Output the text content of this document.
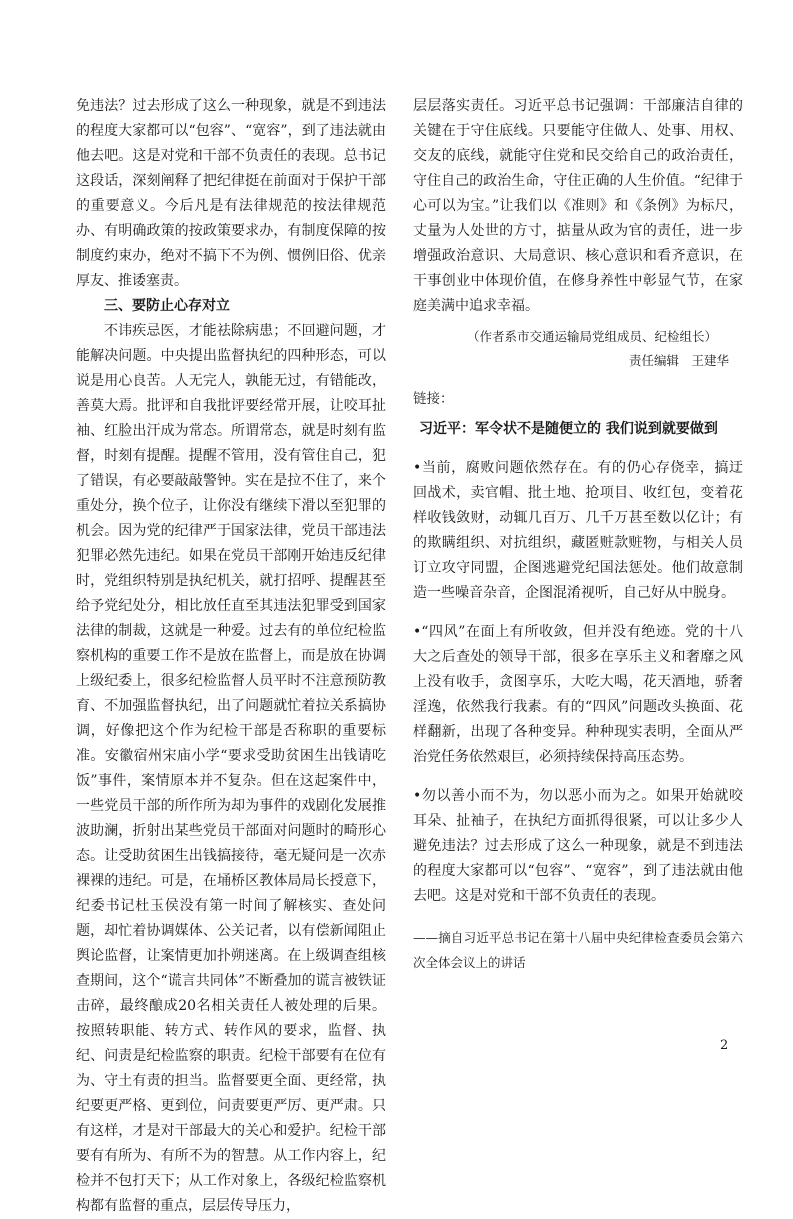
免违法？过去形成了这么一种现象，就是不到违法的程度大家都可以“包容”、“宽容”，到了违法就由他去吧。这是对党和干部不负责任的表现。总书记这段话，深刻阐释了把纪律挺在前面对于保护干部的重要意义。今后凡是有法律规范的按法律规范办、有明确政策的按政策要求办，有制度保障的按制度约束办，绝对不搞下不为例、惯例旧俗、优亲厚友、推诿塞责。

三、要防止心存对立

不讳疾忌医，才能祛除病患；不回避问题，才能解决问题。中央提出监督执纪的四种形态，可以说是用心良苦。人无完人，孰能无过，有错能改，善莫大焉。批评和自我批评要经常开展，让咬耳扯袖、红脸出汗成为常态。所谓常态，就是时刻有监督，时刻有提醒。提醒不管用，没有管住自己，犯了错误，有必要敲敲警钟。实在是拉不住了，来个重处分，换个位子，让你没有继续下滑以至犯罪的机会。因为党的纪律严于国家法律，党员干部违法犯罪必然先违纪。如果在党员干部刚开始违反纪律时，党组织特别是执纪机关，就打招呼、提醒甚至给予党纪处分，相比放任直至其违法犯罪受到国家法律的制裁，这就是一种爱。过去有的单位纪检监察机构的重要工作不是放在监督上，而是放在协调上级纪委上，很多纪检监督人员平时不注意预防教育、不加强监督执纪，出了问题就忙着拉关系搞协调，好像把这个作为纪检干部是否称职的重要标准。安徽宿州宋庙小学“要求受助贫困生出钱请吃饭”事件，案情原本并不复杂。但在这起案件中，一些党员干部的所作所为却为事件的戏剧化发展推波助澜，折射出某些党员干部面对问题时的畸形心态。让受助贫困生出钱搞接待，毫无疑问是一次赤裸裸的违纪。可是，在埇桥区教体局局长授意下，纪委书记杜玉侯没有第一时间了解核实、查处问题，却忙着协调媒体、公关记者，以有偿新闻阻止舆论监督，让案情更加扑朔迷离。在上级调查组核查期间，这个“谎言共同体”不断叠加的谎言被铁证击碎，最终酿成20名相关责任人被处理的后果。按照转职能、转方式、转作风的要求，监督、执纪、问责是纪检监察的职责。纪检干部要有在位有为、守土有责的担当。监督要更全面、更经常，执纪要更严格、更到位，问责要更严厉、更严肃。只有这样，才是对干部最大的关心和爱护。纪检干部要有有所为、有所不为的智慧。从工作内容上，纪检并不包打天下；从工作对象上，各级纪检监察机构都有监督的重点，层层传导压力，

层层落实责任。习近平总书记强调：干部廉洁自律的关键在于守住底线。只要能守住做人、处事、用权、交友的底线，就能守住党和民交给自己的政治责任，守住自己的政治生命，守住正确的人生价值。“纪律于心可以为宝。”让我们以《准则》和《条例》为标尺，丈量为人处世的方寸，掂量从政为官的责任，进一步增强政治意识、大局意识、核心意识和看齐意识，在干事创业中体现价值，在修身养性中彰显气节，在家庭美满中追求幸福。

（作者系市交通运输局党组成员、纪检组长）

责任编辑　王建华

链接：

习近平：军令状不是随便立的 我们说到就要做到

•当前，腐败问题依然存在。有的仍心存侥幸，搞迂回战术，卖官帽、批土地、抢项目、收红包，变着花样收钱敛财，动辄几百万、几千万甚至数以亿计；有的欺瞒组织、对抗组织，藏匿赃款赃物，与相关人员订立攻守同盟，企图逃避党纪国法惩处。他们故意制造一些噪音杂音，企图混淆视听，自己好从中脱身。

•“四风”在面上有所收敛，但并没有绝迹。党的十八大之后查处的领导干部，很多在享乐主义和奢靡之风上没有收手，贪图享乐，大吃大喝，花天酒地，骄奢淫逸，依然我行我素。有的“四风”问题改头换面、花样翻新，出现了各种变异。种种现实表明，全面从严治党任务依然艰巨，必须持续保持高压态势。

•勿以善小而不为，勿以恶小而为之。如果开始就咬耳朵、扯袖子，在执纪方面抓得很紧，可以让多少人避免违法？过去形成了这么一种现象，就是不到违法的程度大家都可以“包容”、“宽容”，到了违法就由他去吧。这是对党和干部不负责任的表现。

——摘自习近平总书记在第十八届中央纪律检查委员会第六次全体会议上的讲话

2
